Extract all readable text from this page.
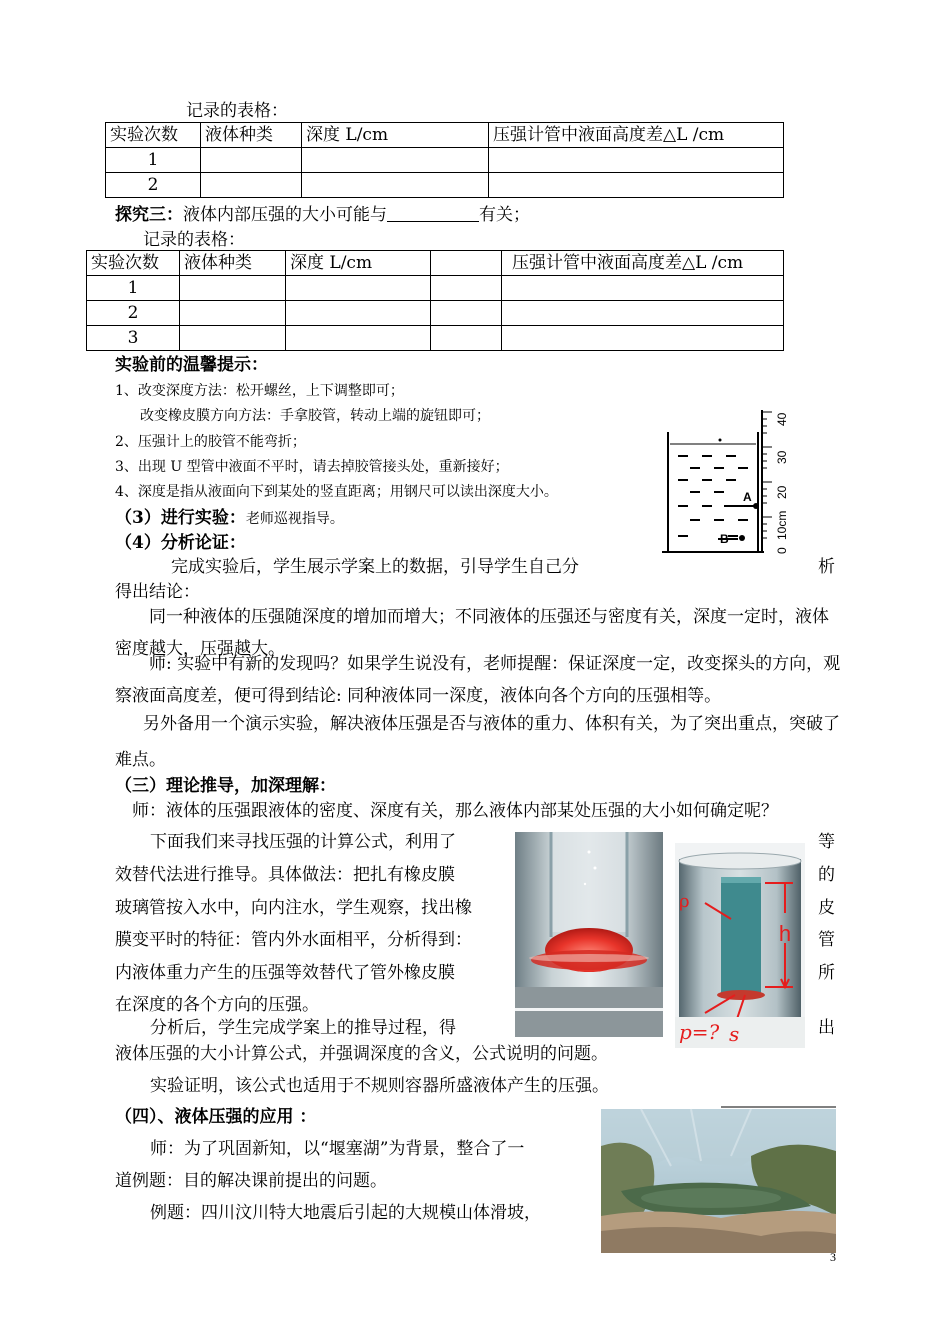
记录的表格：
实验次数	液体种类	深度 L/cm	压强计管中液面高度差△L /cm
1			
2			
探究三：液体内部压强的大小可能与	有关；
记录的表格：
实验次数	液体种类	深度 L/cm		压强计管中液面高度差△L /cm
1				
2				
3				
实验前的温馨提示：
1、改变深度方法：松开螺丝，上下调整即可；
改变橡皮膜方向方法：手拿胶管，转动上端的旋钮即可；
2、压强计上的胶管不能弯折；
3、出现 U 型管中液面不平时，请去掉胶管接头处，重新接好；
4、深度是指从液面向下到某处的竖直距离；用钢尺可以读出深度大小。	A
B
40
30
20
10cm
0
（3）进行实验：老师巡视指导。
（4）分析论证：
完成实验后，学生展示学案上的数据，引导学生自己分	析
得出结论：
同一种液体的压强随深度的增加而增大；不同液体的压强还与密度有关，深度一定时，液体密度越大，压强越大。
师: 实验中有新的发现吗？如果学生说没有，老师提醒：保证深度一定，改变探头的方向，观察液面高度差，便可得到结论: 同种液体同一深度，液体向各个方向的压强相等。
另外备用一个演示实验，解决液体压强是否与液体的重力、体积有关，为了突出重点，突破了难点。
（三）理论推导，加深理解：
师：液体的压强跟液体的密度、深度有关，那么液体内部某处压强的大小如何确定呢？
下面我们来寻找压强的计算公式，利用了
效替代法进行推导。具体做法：把扎有橡皮膜
玻璃管按入水中，向内注水，学生观察，找出橡
膜变平时的特征：管内外水面相平，分析得到：
内液体重力产生的压强等效替代了管外橡皮膜
在深度的各个方向的压强。
分析后，学生完成学案上的推导过程，得
等
的
皮
管
所
出
ρ
h
p=? s
液体压强的大小计算公式，并强调深度的含义，公式说明的问题。
实验证明，该公式也适用于不规则容器所盛液体产生的压强。
（四）、液体压强的应用 ：
师：为了巩固新知，以“堰塞湖”为背景，整合了一
道例题：目的解决课前提出的问题。
例题：四川汶川特大地震后引起的大规模山体滑坡，
3
